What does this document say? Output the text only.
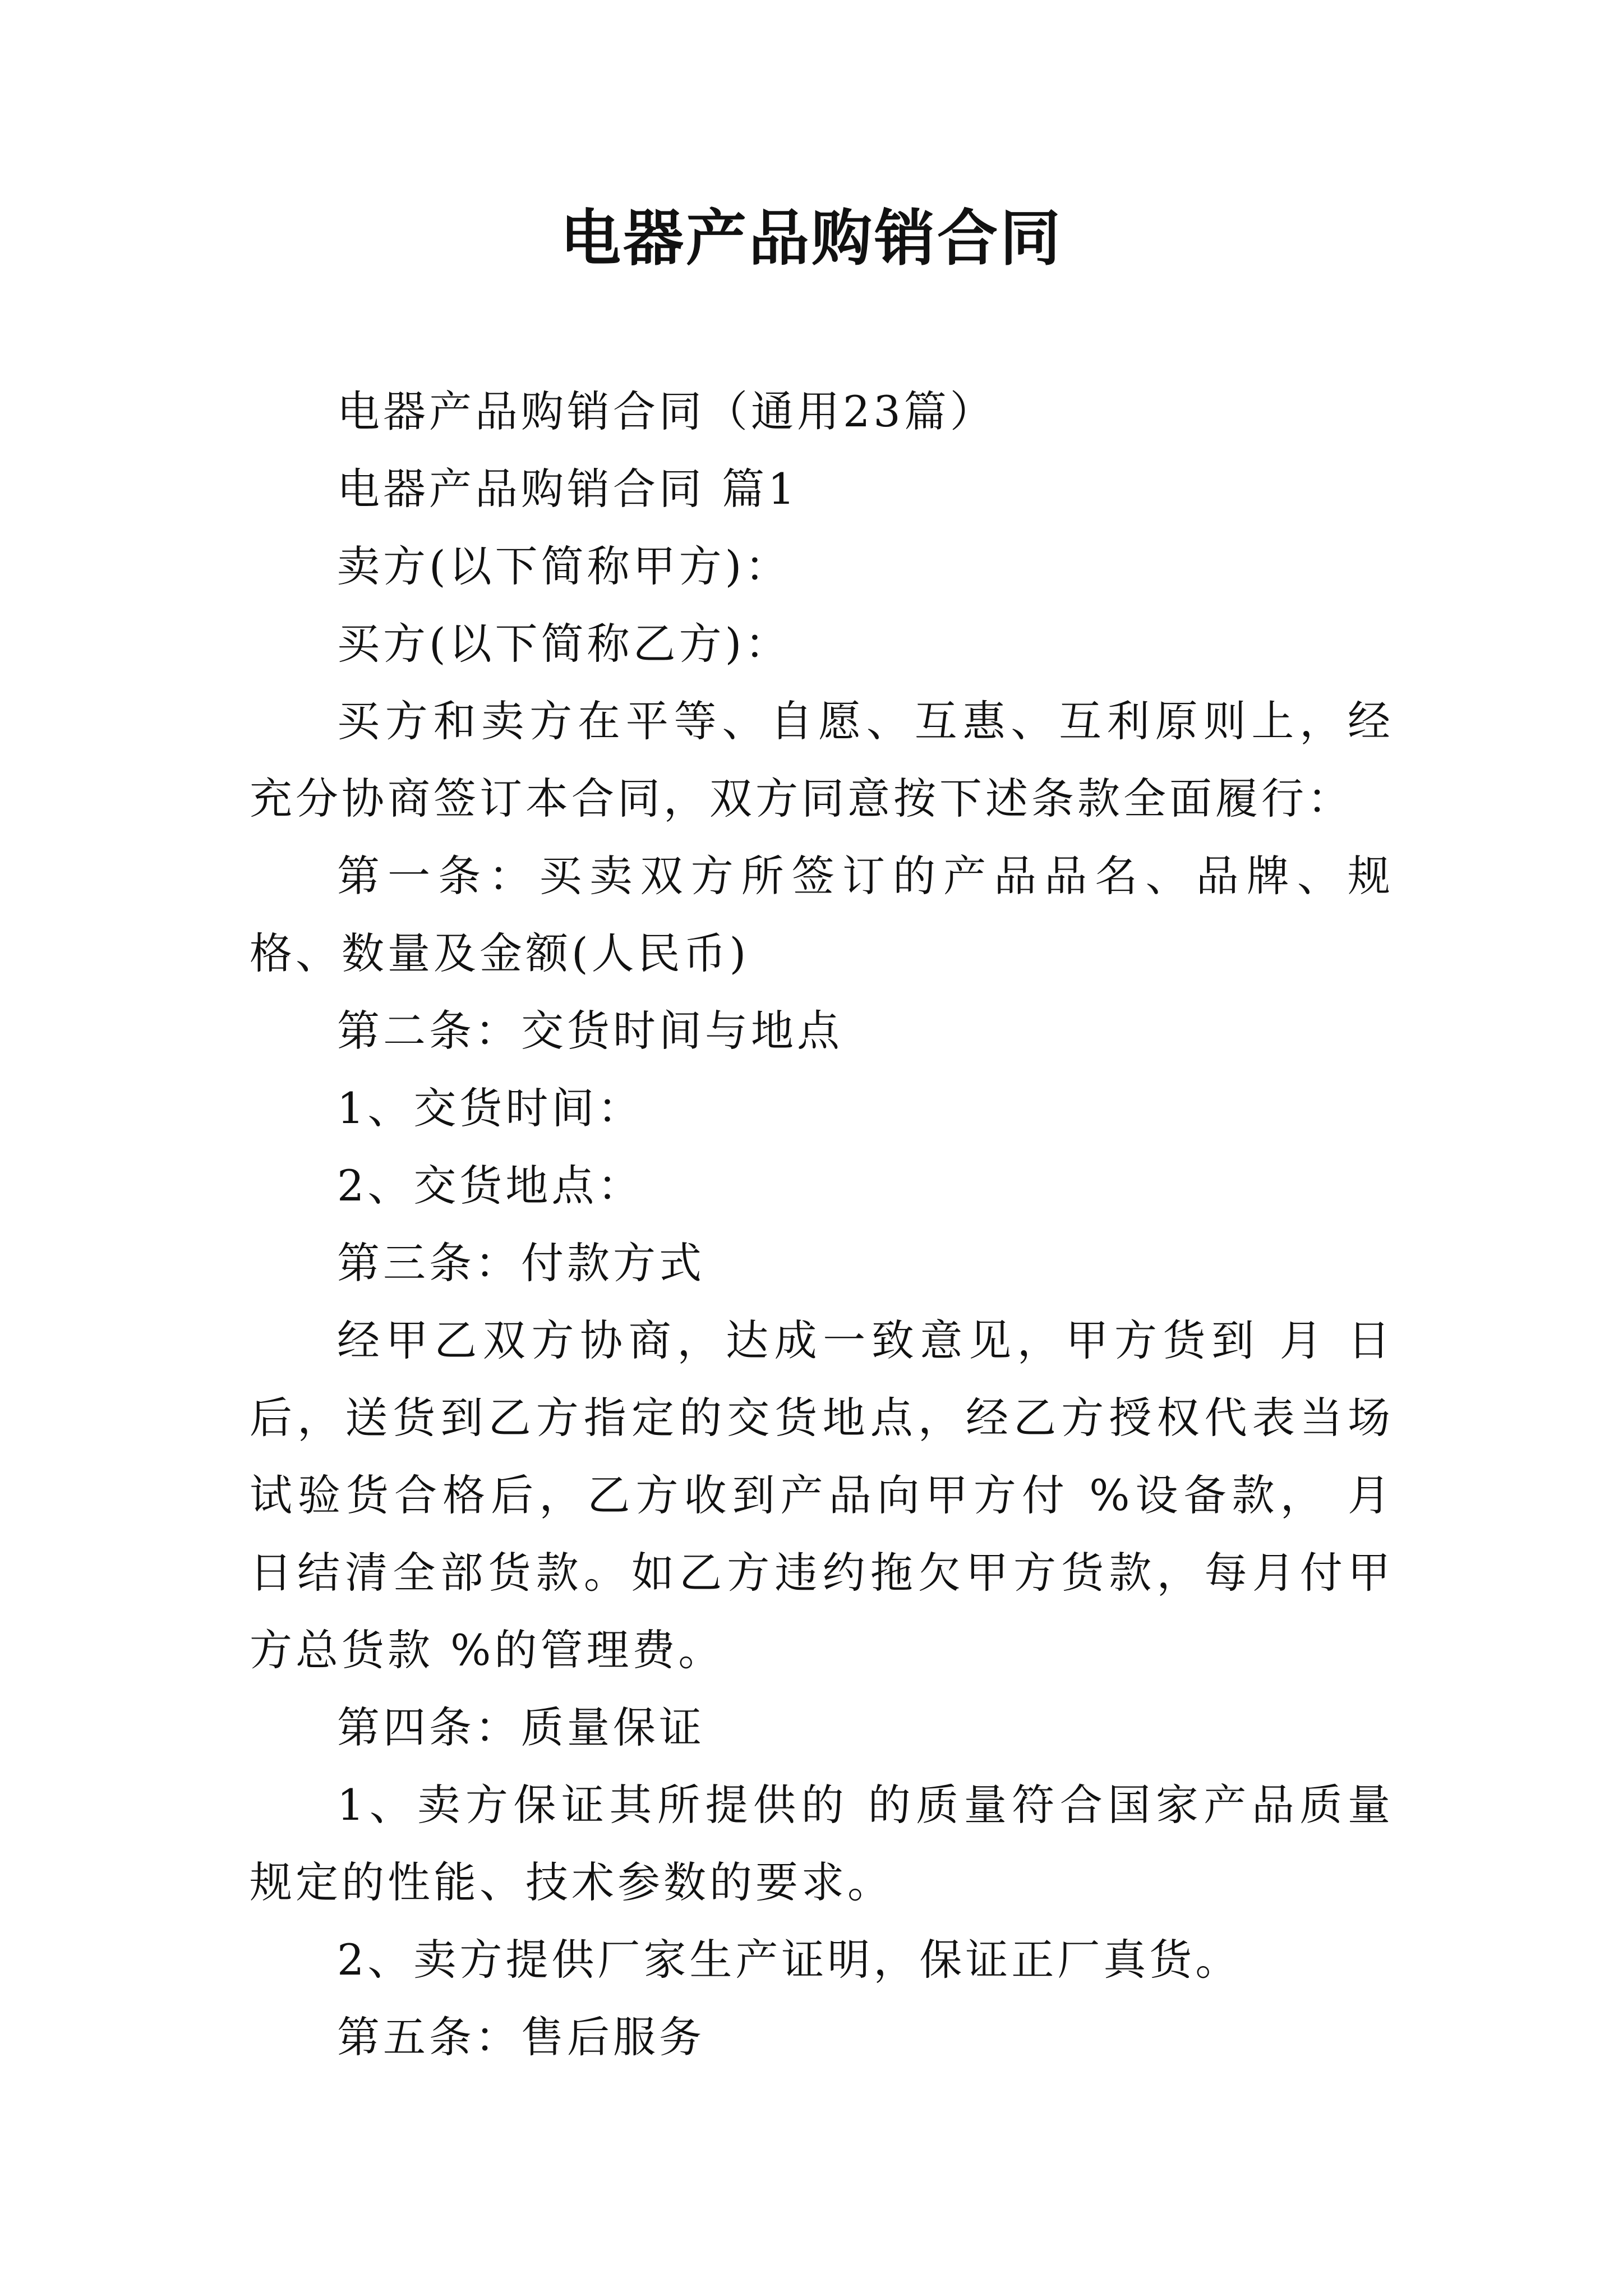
电器产品购销合同

电器产品购销合同（通用23篇）

电器产品购销合同 篇1

卖方(以下简称甲方)：

买方(以下简称乙方)：

买方和卖方在平等、自愿、互惠、互利原则上，经充分协商签订本合同，双方同意按下述条款全面履行：

第一条：买卖双方所签订的产品品名、品牌、规格、数量及金额(人民币)

第二条：交货时间与地点

1、交货时间：

2、交货地点：

第三条：付款方式

经甲乙双方协商，达成一致意见，甲方货到 月 日后，送货到乙方指定的交货地点，经乙方授权代表当场试验货合格后，乙方收到产品向甲方付 %设备款， 月 日结清全部货款。如乙方违约拖欠甲方货款，每月付甲方总货款 %的管理费。

第四条：质量保证

1、卖方保证其所提供的 的质量符合国家产品质量规定的性能、技术参数的要求。

2、卖方提供厂家生产证明，保证正厂真货。

第五条：售后服务
